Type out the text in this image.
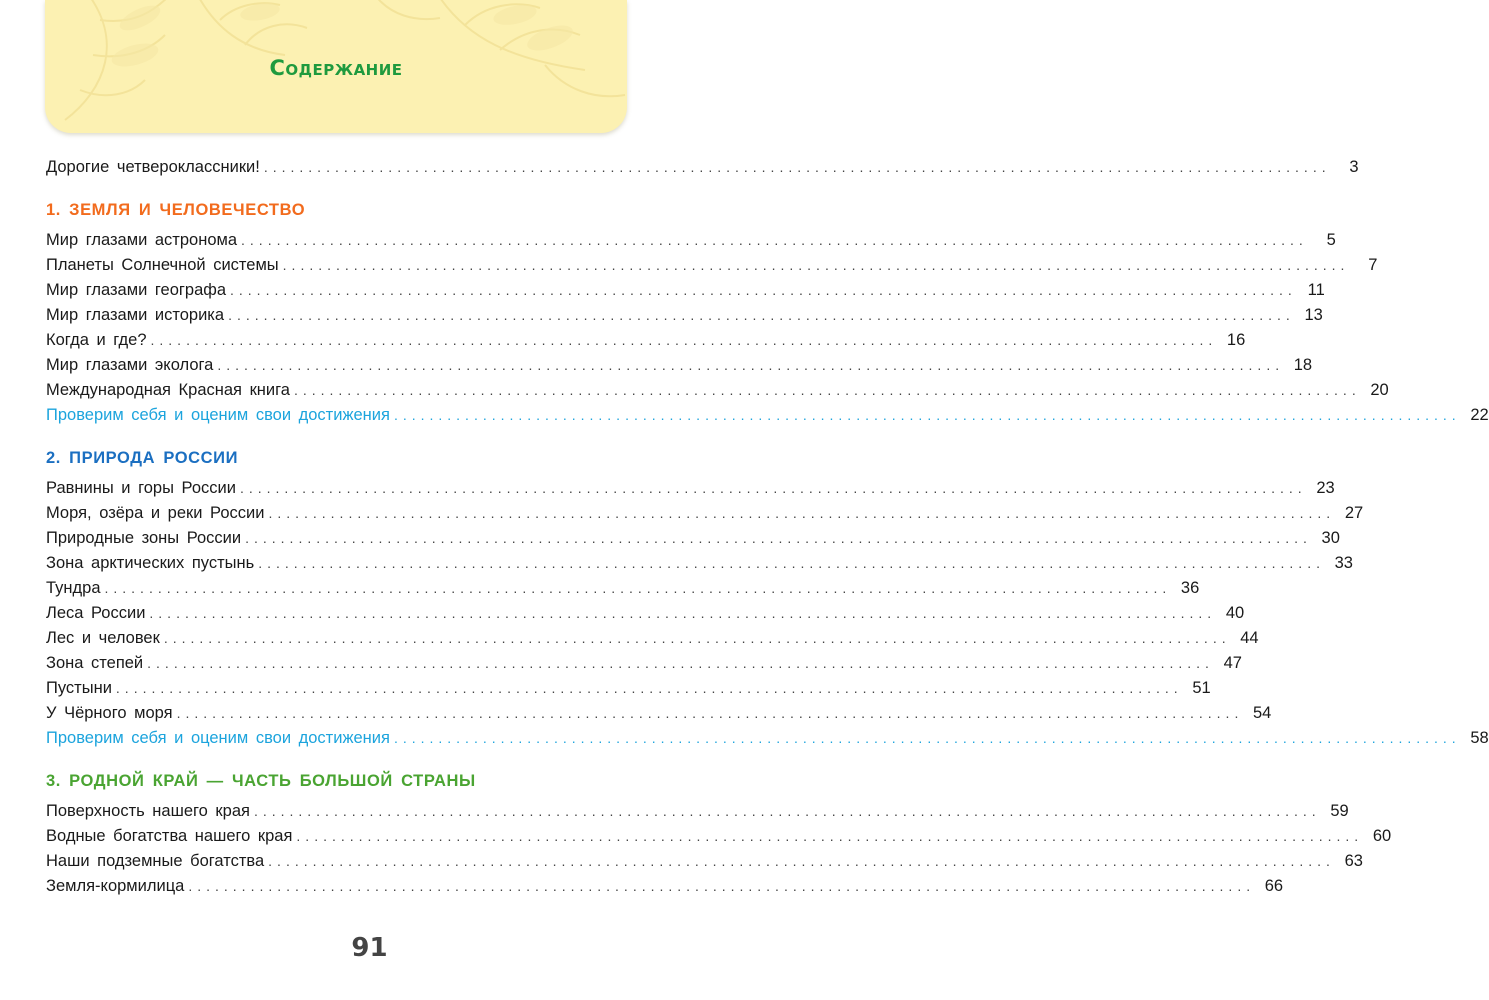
Содержание
Дорогие четвероклассники! ........................................................................................................................	3
1. ЗЕМЛЯ И ЧЕЛОВЕЧЕСТВО
Мир глазами астронома ........................................................................................................................	5
Планеты Солнечной системы ........................................................................................................................	7
Мир глазами географа ........................................................................................................................ 11
Мир глазами историка ........................................................................................................................ 13
Когда и где? ........................................................................................................................ 16
Мир глазами эколога ........................................................................................................................ 18
Международная Красная книга ........................................................................................................................ 20
Проверим себя и оценим свои достижения ........................................................................................................................ 22
2. ПРИРОДА РОССИИ
Равнины и горы России ........................................................................................................................ 23
Моря, озёра и реки России ........................................................................................................................ 27
Природные зоны России ........................................................................................................................ 30
Зона арктических пустынь ........................................................................................................................ 33
Тундра ........................................................................................................................ 36
Леса России ........................................................................................................................ 40
Лес и человек ........................................................................................................................ 44
Зона степей ........................................................................................................................ 47
Пустыни ........................................................................................................................ 51
У Чёрного моря ........................................................................................................................ 54
Проверим себя и оценим свои достижения ........................................................................................................................ 58
3. РОДНОЙ КРАЙ — ЧАСТЬ БОЛЬШОЙ СТРАНЫ
Поверхность нашего края ........................................................................................................................ 59
Водные богатства нашего края ........................................................................................................................ 60
Наши подземные богатства ........................................................................................................................ 63
Земля-кормилица ........................................................................................................................ 66
91
